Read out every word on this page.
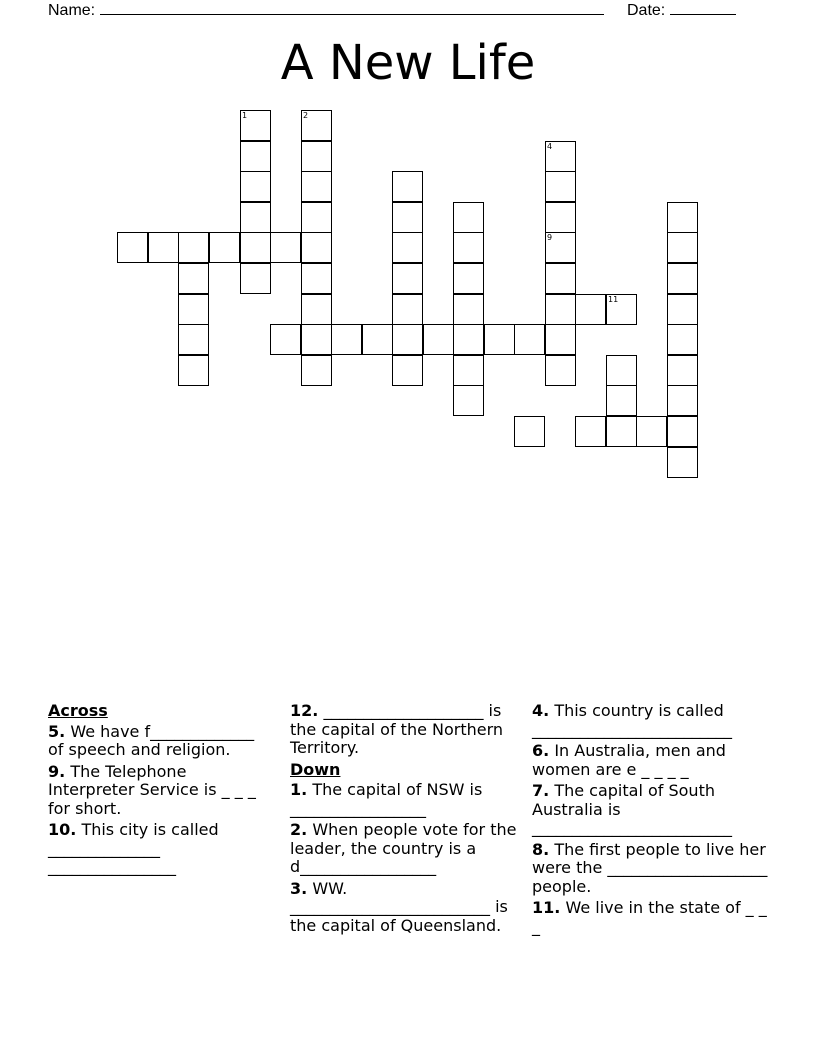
Name:	Date:
A New Life
1	2
4
9
11
Across
5. We have f_____________ of speech and religion.
9. The Telephone Interpreter Service is _ _ _ for short.
10. This city is called ______________ ________________
12. ____________________ is the capital of the Northern Territory.
Down
1. The capital of NSW is _________________
2. When people vote for the leader, the country is a d_________________
3. WW. _________________________ is the capital of Queensland.
4. This country is called _________________________
6. In Australia, men and women are e _ _ _ _
7. The capital of South Australia is _________________________
8. The first people to live her were the ____________________ people.
11. We live in the state of _ _ _
